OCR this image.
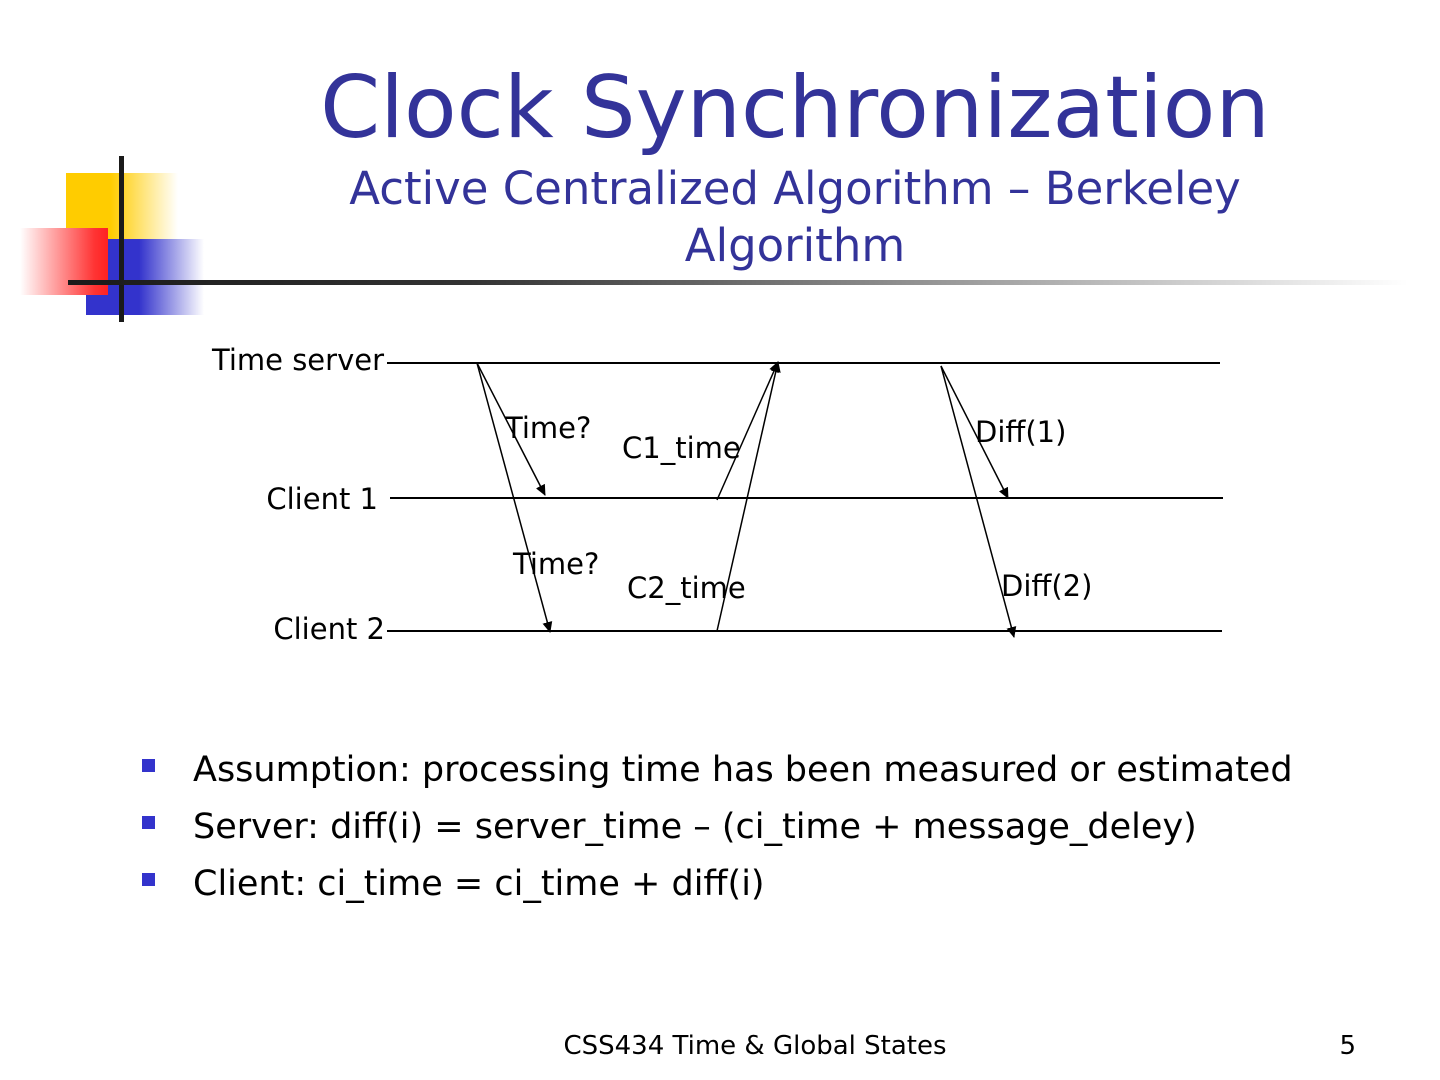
Clock Synchronization
Active Centralized Algorithm – Berkeley Algorithm
Time server
Client 1
Client 2
Time?
Time?
C1_time
C2_time
Diff(1)
Diff(2)
Assumption: processing time has been measured or estimated
Server: diff(i) = server_time – (ci_time + message_deley)
Client: ci_time = ci_time + diff(i)
CSS434 Time & Global States	5
